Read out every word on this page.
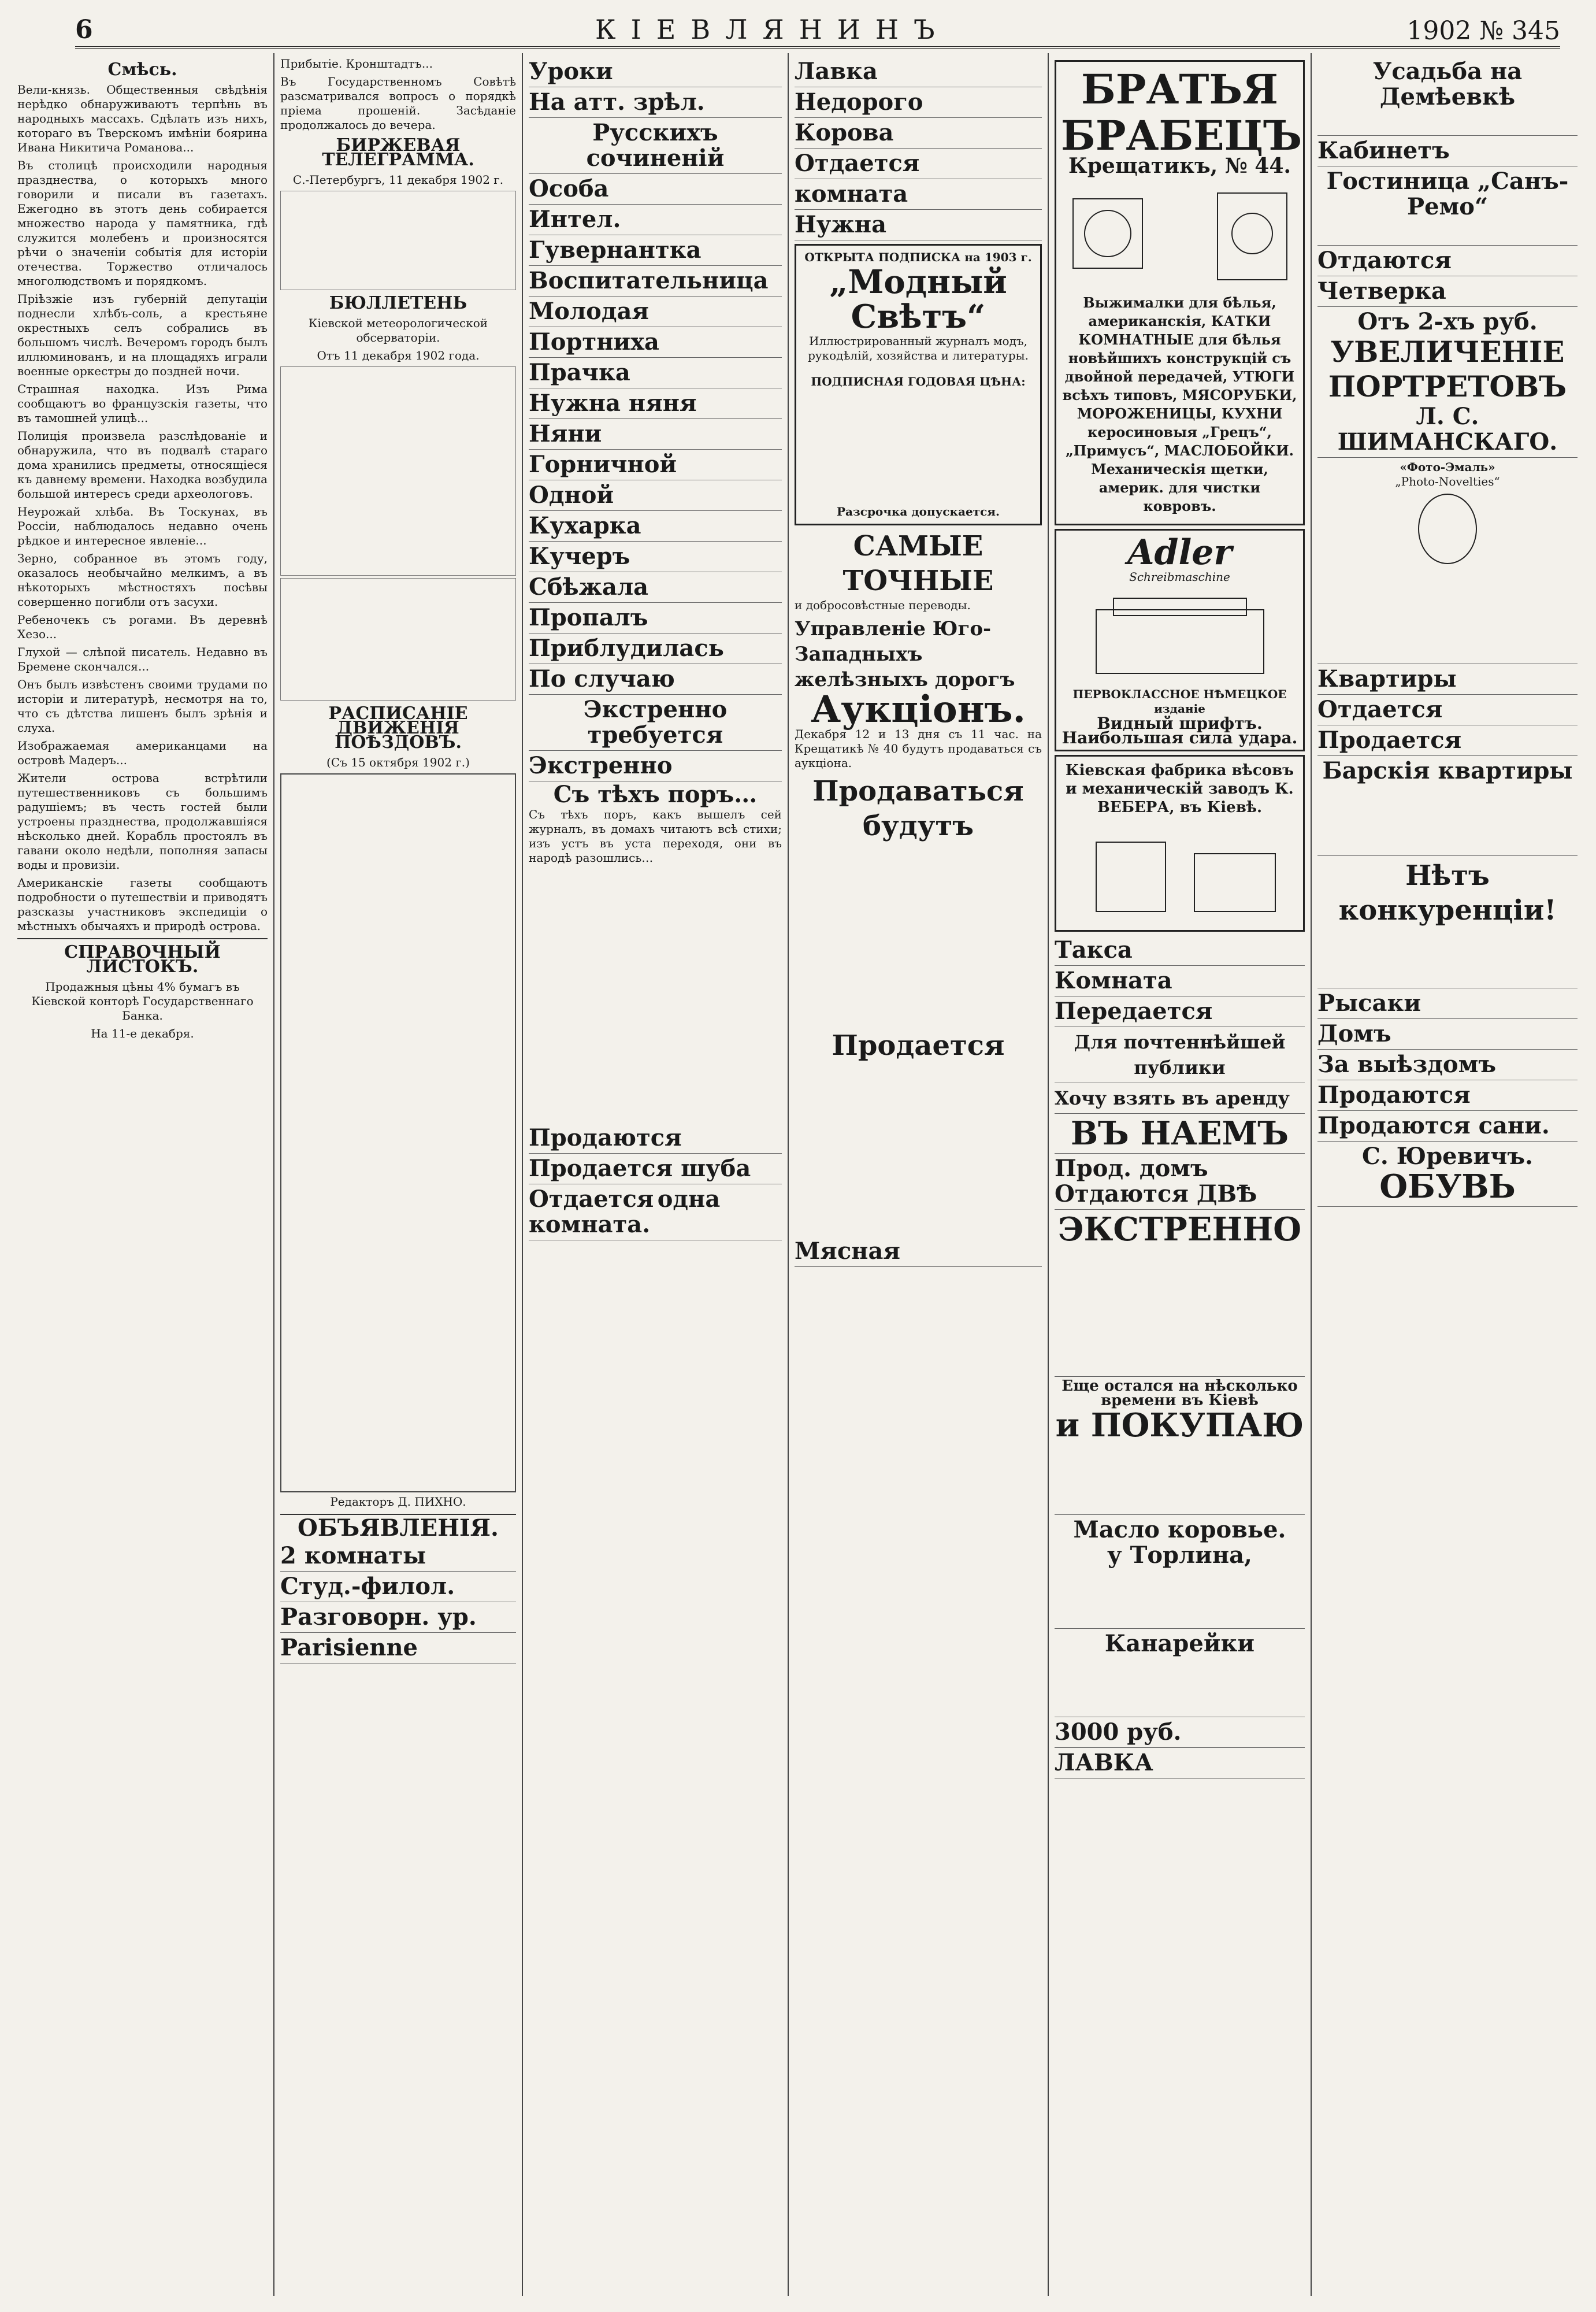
6	КІЕВЛЯНИНЪ	1902 № 345
Смѣсь.

Вели-князь. Общественныя свѣдѣнія нерѣдко обнаруживаютъ терпѣнь въ народныхъ массахъ. Сдѣлать изъ нихъ, котораго въ Тверскомъ имѣніи боярина Ивана Никитича Романова...

Въ столицѣ происходили народныя празднества, о которыхъ много говорили и писали въ газетахъ. Ежегодно въ этотъ день собирается множество народа у памятника, гдѣ служится молебенъ и произносятся рѣчи о значеніи событія для исторіи отечества. Торжество отличалось многолюдствомъ и порядкомъ.

Пріѣзжіе изъ губерній депутаціи поднесли хлѣбъ-соль, а крестьяне окрестныхъ селъ собрались въ большомъ числѣ. Вечеромъ городъ былъ иллюминованъ, и на площадяхъ играли военные оркестры до поздней ночи.

Страшная находка. Изъ Рима сообщаютъ во французскія газеты, что въ тамошней улицѣ...

Полиція произвела разслѣдованіе и обнаружила, что въ подвалѣ стараго дома хранились предметы, относящіеся къ давнему времени. Находка возбудила большой интересъ среди археологовъ.

Неурожай хлѣба. Въ Тоскунах, въ Россіи, наблюдалось недавно очень рѣдкое и интересное явленіе...

Зерно, собранное въ этомъ году, оказалось необычайно мелкимъ, а въ нѣкоторыхъ мѣстностяхъ посѣвы совершенно погибли отъ засухи.

Ребеночекъ съ рогами. Въ деревнѣ Хезо...

Глухой — слѣпой писатель. Недавно въ Бремене скончался...

Онъ былъ извѣстенъ своими трудами по исторіи и литературѣ, несмотря на то, что съ дѣтства лишенъ былъ зрѣнія и слуха.

Изображаемая американцами на островѣ Мадеръ...

Жители острова встрѣтили путешественниковъ съ большимъ радушіемъ; въ честь гостей были устроены празднества, продолжавшіяся нѣсколько дней. Корабль простоялъ въ гавани около недѣли, пополняя запасы воды и провизіи.

Американскіе газеты сообщаютъ подробности о путешествіи и приводятъ разсказы участниковъ экспедиціи о мѣстныхъ обычаяхъ и природѣ острова.

СПРАВОЧНЫЙ ЛИСТОКЪ.

Продажныя цѣны 4% бумагъ въ Кіевской конторѣ Государственнаго Банка.

На 11-е декабря.

Прибытіе. Кронштадтъ...

Въ Государственномъ Совѣтѣ разсматривался вопросъ о порядкѣ пріема прошеній. Засѣданіе продолжалось до вечера.

БИРЖЕВАЯ ТЕЛЕГРАММА.

С.-Петербургъ, 11 декабря 1902 г.

БЮЛЛЕТЕНЬ

Кіевской метеорологической обсерваторіи.

Отъ 11 декабря 1902 года.

РАСПИСАНІЕ ДВИЖЕНІЯ ПОѢЗДОВЪ.

(Съ 15 октября 1902 г.)

Редакторъ Д. ПИХНО.

ОБЪЯВЛЕНІЯ.
2 комнаты
Студ.-филол.
Разговорн. ур.
Parisienne
Уроки
На атт. зрѣл.
Русскихъ сочиненій
Особа
Интел.
Гувернантка
Воспитательница
Молодая
Портниха
Прачка
Нужна няня
Няни
Горничной
Одной
Кухарка
Кучеръ
Сбѣжала
Пропалъ
Приблудилась
По случаю
Экстренно требуется
Экстренно
Съ тѣхъ поръ…

Съ тѣхъ поръ, какъ вышелъ сей журналъ, въ домахъ читаютъ всѣ стихи; изъ устъ въ уста переходя, они въ народѣ разошлись…

Продаются
Продается шуба
Отдается одна комната.
Лавка
Недорого
Корова
Отдается
комната
Нужна
ОТКРЫТА ПОДПИСКА на 1903 г.
„Модный Свѣтъ“

Иллюстрированный журналъ модъ, рукодѣлій, хозяйства и литературы.

ПОДПИСНАЯ ГОДОВАЯ ЦѢНА:
Разсрочка допускается.
САМЫЕ ТОЧНЫЕ

и добросовѣстные переводы.

Управленіе Юго-Западныхъ желѣзныхъ дорогъ
Аукціонъ.

Декабря 12 и 13 дня съ 11 час. на Крещатикѣ № 40 будутъ продаваться съ аукціона.

Продаваться будутъ
Продается
Мясная
БРАТЬЯ БРАБЕЦЪ
Крещатикъ, № 44.

Выжималки для бѣлья, американскія, КАТКИ КОМНАТНЫЕ для бѣлья новѣйшихъ конструкцій съ двойной передачей, УТЮГИ всѣхъ типовъ, МЯСОРУБКИ, МОРОЖЕНИЦЫ, КУХНИ керосиновыя „Грецъ“, „Примусъ“, МАСЛОБОЙКИ. Механическія щетки, америк. для чистки ковровъ.

Adler
Schreibmaschine
ПЕРВОКЛАССНОЕ НѢМЕЦКОЕ изданіе
Видный шрифтъ. Наибольшая сила удара.
Кіевская фабрика вѣсовъ и механическій заводъ К. ВЕБЕРА, въ Кіевѣ.
Такса
Комната
Передается
Для почтеннѣйшей публики
Хочу взять въ аренду
ВЪ НАЕМЪ
Прод. домъ Отдаются ДВѢ
ЭКСТРЕННО
Еще остался на нѣсколько времени въ Кіевѣ
и ПОКУПАЮ
Масло коровье.
у Торлина,
Канарейки
3000 руб.
ЛАВКА
Усадьба на Демѣевкѣ
Кабинетъ
Гостиница „Санъ-Ремо“
Отдаются
Четверка
Отъ 2-хъ руб.
УВЕЛИЧЕНІЕ ПОРТРЕТОВЪ
Л. С. ШИМАНСКАГО.
«Фото-Эмаль»
„Photo-Novelties“
Квартиры
Отдается
Продается
Барскія квартиры
Нѣтъ конкуренціи!
Рысаки
Домъ
За выѣздомъ
Продаются
Продаются сани.
С. Юревичъ.
ОБУВЬ
